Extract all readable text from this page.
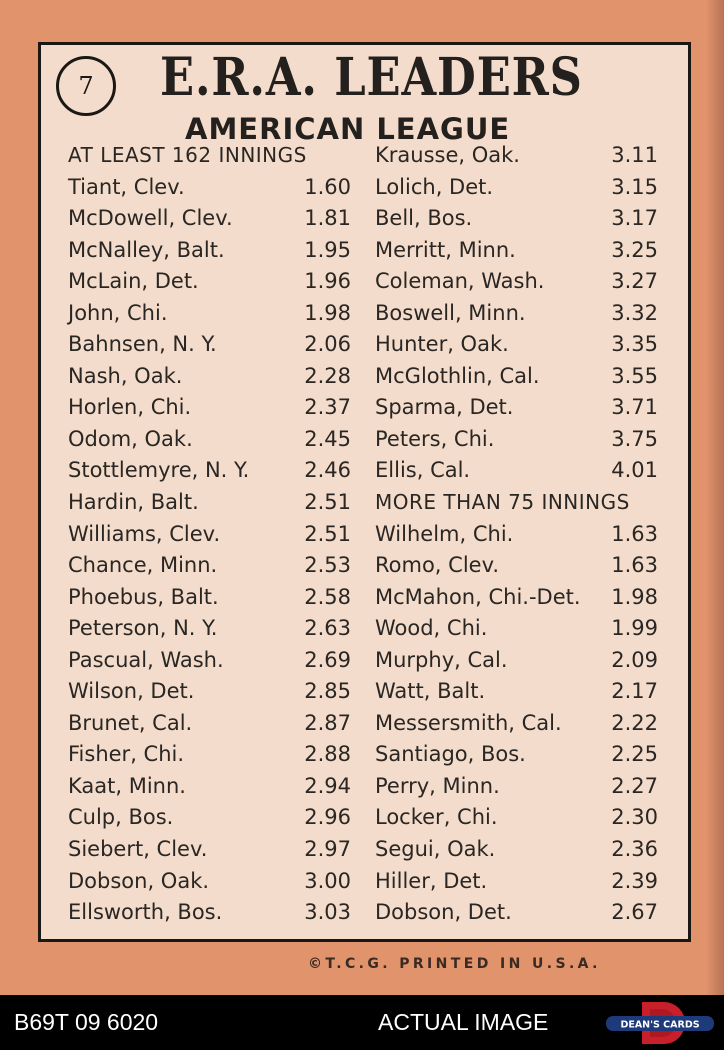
7 E.R.A. LEADERS
AMERICAN LEAGUE
AT LEAST 162 INNINGS
Tiant, Clev.	1.60
McDowell, Clev.	1.81
McNalley, Balt.	1.95
McLain, Det.	1.96
John, Chi.	1.98
Bahnsen, N. Y.	2.06
Nash, Oak.	2.28
Horlen, Chi.	2.37
Odom, Oak.	2.45
Stottlemyre, N. Y.	2.46
Hardin, Balt.	2.51
Williams, Clev.	2.51
Chance, Minn.	2.53
Phoebus, Balt.	2.58
Peterson, N. Y.	2.63
Pascual, Wash.	2.69
Wilson, Det.	2.85
Brunet, Cal.	2.87
Fisher, Chi.	2.88
Kaat, Minn.	2.94
Culp, Bos.	2.96
Siebert, Clev.	2.97
Dobson, Oak.	3.00
Ellsworth, Bos.	3.03
Krausse, Oak.	3.11
Lolich, Det.	3.15
Bell, Bos.	3.17
Merritt, Minn.	3.25
Coleman, Wash.	3.27
Boswell, Minn.	3.32
Hunter, Oak.	3.35
McGlothlin, Cal.	3.55
Sparma, Det.	3.71
Peters, Chi.	3.75
Ellis, Cal.	4.01
MORE THAN 75 INNINGS
Wilhelm, Chi.	1.63
Romo, Clev.	1.63
McMahon, Chi.-Det. 1.98
Wood, Chi.	1.99
Murphy, Cal.	2.09
Watt, Balt.	2.17
Messersmith, Cal. 2.22
Santiago, Bos.	2.25
Perry, Minn.	2.27
Locker, Chi.	2.30
Segui, Oak.	2.36
Hiller, Det.	2.39
Dobson, Det.	2.67
©T.C.G. PRINTED IN U.S.A.
B69T 09 6020	ACTUAL IMAGE	DEAN'S CARDS
